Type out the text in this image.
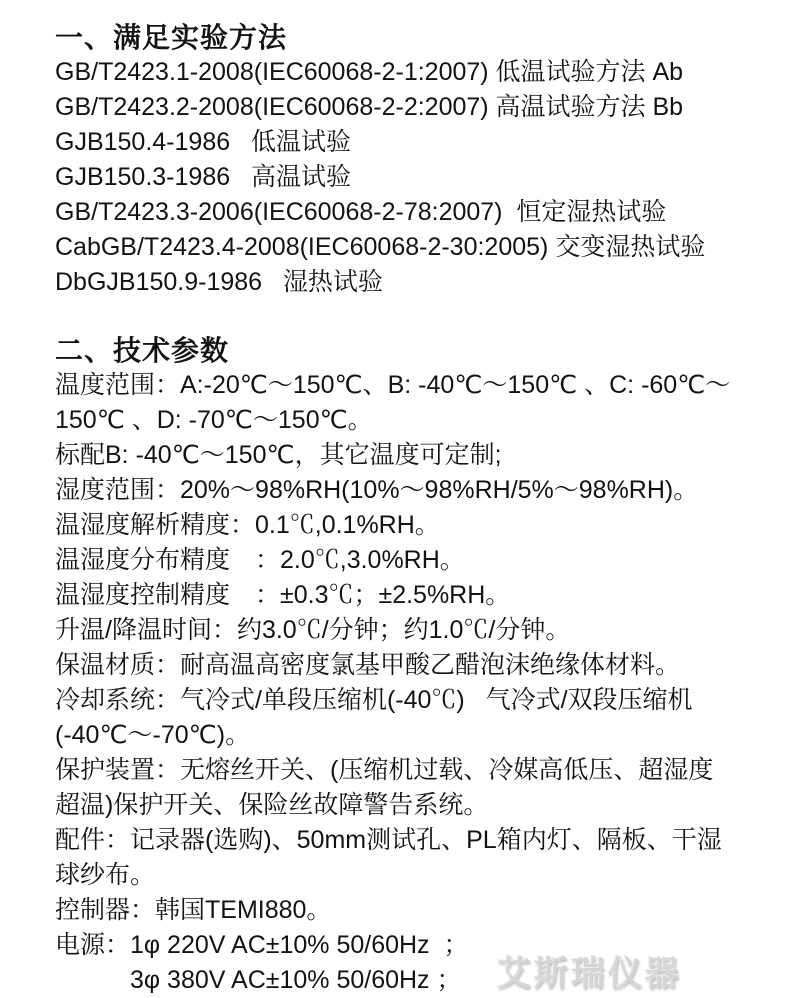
一、满足实验方法
GB/T2423.1-2008(IEC60068-2-1:2007) 低温试验方法 Ab
GB/T2423.2-2008(IEC60068-2-2:2007) 高温试验方法 Bb
GJB150.4-1986   低温试验
GJB150.3-1986   高温试验
GB/T2423.3-2006(IEC60068-2-78:2007)  恒定湿热试验
CabGB/T2423.4-2008(IEC60068-2-30:2005) 交变湿热试验
DbGJB150.9-1986   湿热试验
二、技术参数
温度范围：A:-20℃～150℃、B: -40℃～150℃ 、C: -60℃～
150℃ 、D: -70℃～150℃。
标配B: -40℃～150℃，其它温度可定制;
湿度范围：20%～98%RH(10%～98%RH/5%～98%RH)。
温湿度解析精度：0.1℃,0.1%RH。
温湿度分布精度　：2.0℃,3.0%RH。
温湿度控制精度　：±0.3℃；±2.5%RH。
升温/降温时间：约3.0℃/分钟；约1.0℃/分钟。
保温材质：耐高温高密度氯基甲酸乙醋泡沫绝缘体材料。
冷却系统：气冷式/单段压缩机(-40℃)   气冷式/双段压缩机
(-40℃～-70℃)。
保护装置：无熔丝开关、(压缩机过载、冷媒高低压、超湿度
超温)保护开关、保险丝故障警告系统。
配件：记录器(选购)、50mm测试孔、PL箱内灯、隔板、干湿
球纱布。
控制器：韩国TEMI880。
电源：1φ 220V AC±10% 50/60Hz  ；
　　　3φ 380V AC±10% 50/60Hz ；	艾斯瑞仪器
